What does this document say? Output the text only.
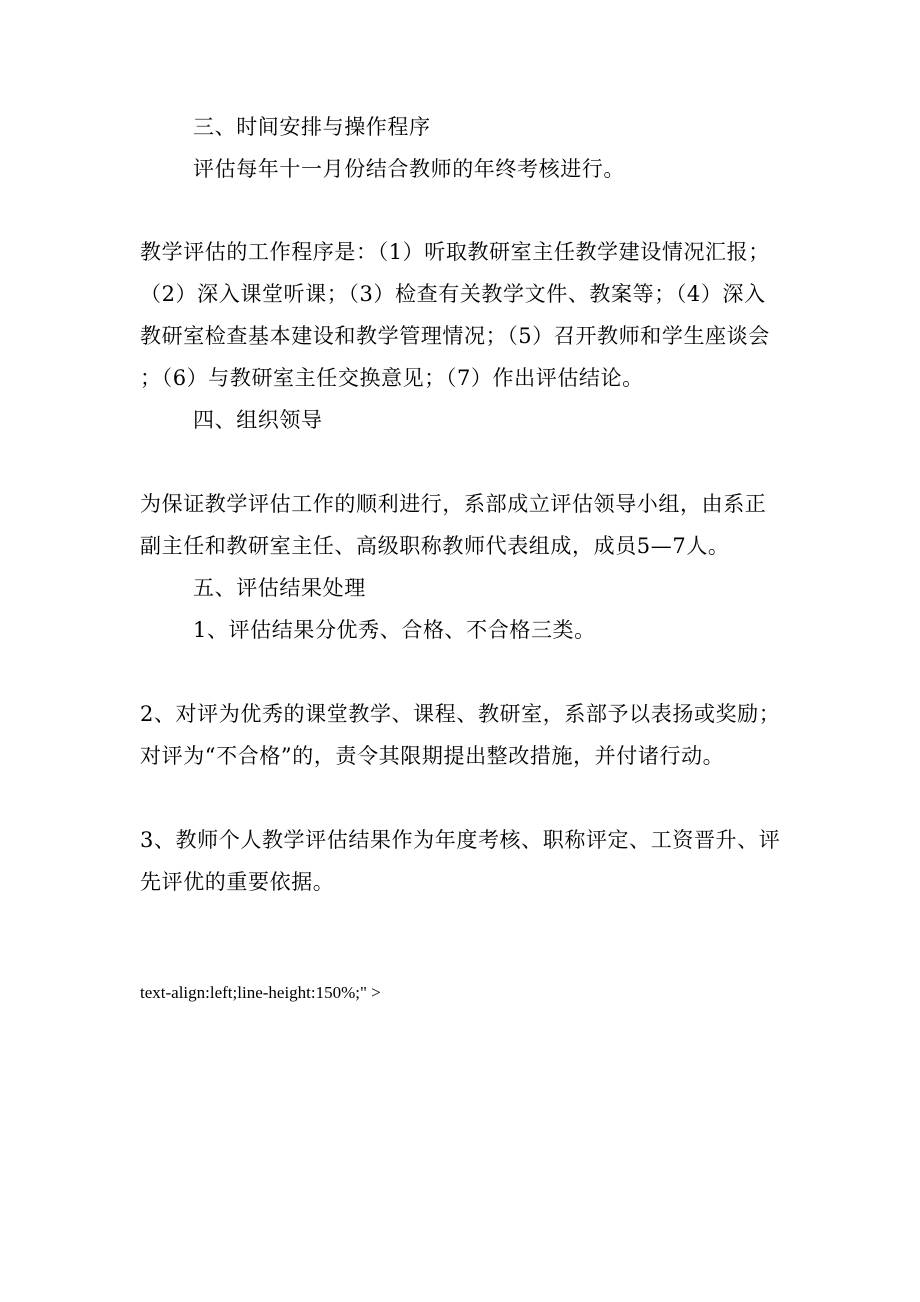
三、时间安排与操作程序
评估每年十一月份结合教师的年终考核进行。
教学评估的工作程序是：（1）听取教研室主任教学建设情况汇报；
（2）深入课堂听课；（3）检查有关教学文件、教案等；（4）深入
教研室检查基本建设和教学管理情况；（5）召开教师和学生座谈会
；（6）与教研室主任交换意见；（7）作出评估结论。
四、组织领导
为保证教学评估工作的顺利进行，系部成立评估领导小组，由系正
副主任和教研室主任、高级职称教师代表组成，成员5—7人。
五、评估结果处理
1、评估结果分优秀、合格、不合格三类。
2、对评为优秀的课堂教学、课程、教研室，系部予以表扬或奖励；
对评为“不合格”的，责令其限期提出整改措施，并付诸行动。
3、教师个人教学评估结果作为年度考核、职称评定、工资晋升、评
先评优的重要依据。
text-align:left;line-height:150%;" >
